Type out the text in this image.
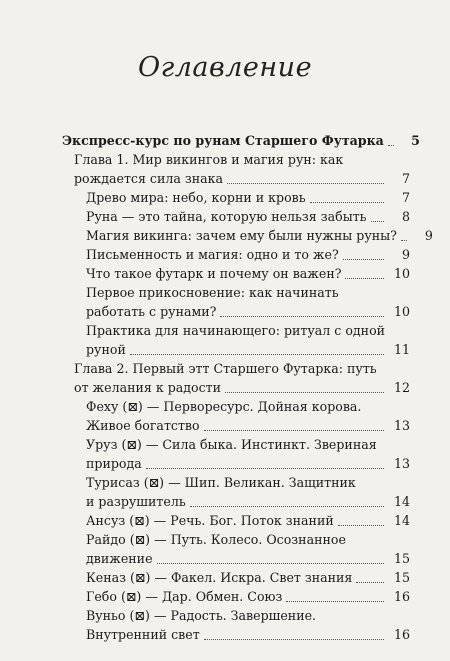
Оглавление
Экспресс-курс по рунам Старшего Футарка	5
Глава 1. Мир викингов и магия рун: как
рождается сила знака	7
Древо мира: небо, корни и кровь	7
Руна — это тайна, которую нельзя забыть	8
Магия викинга: зачем ему были нужны руны?	9
Письменность и магия: одно и то же?	9
Что такое футарк и почему он важен?	10
Первое прикосновение: как начинать
работать с рунами?	10
Практика для начинающего: ритуал с одной
руной	11
Глава 2. Первый этт Старшего Футарка: путь
от желания к радости	12
Феху (⊠) — Перворесурс. Дойная корова.
Живое богатство	13
Уруз (⊠) — Сила быка. Инстинкт. Звериная
природа	13
Турисаз (⊠) — Шип. Великан. Защитник
и разрушитель	14
Ансуз (⊠) — Речь. Бог. Поток знаний	14
Райдо (⊠) — Путь. Колесо. Осознанное
движение	15
Кеназ (⊠) — Факел. Искра. Свет знания	15
Гебо (⊠) — Дар. Обмен. Союз	16
Вуньо (⊠) — Радость. Завершение.
Внутренний свет	16
